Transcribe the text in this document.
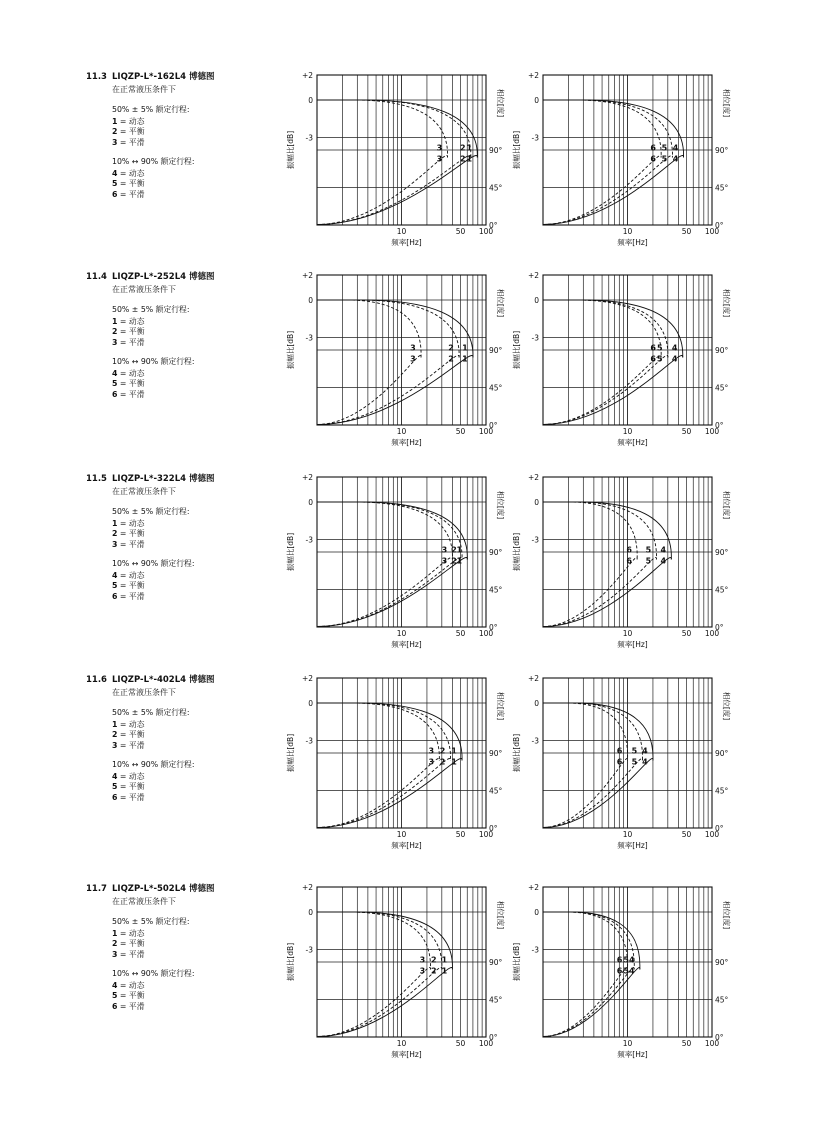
11.3 LIQZP-L*-162L4 博德图
在正常液压条件下
50% ± 5% 额定行程:
1 = 动态
2 = 平衡
3 = 平滑
10% ↔ 90% 额定行程:
4 = 动态
5 = 平衡
6 = 平滑
+2
0
-3
90°
45°
0°
10	50 100
频率[Hz]
振幅比[dB]
相位[度]
1
1
2
2
3
3
+2
0
-3
90°
45°
0°
10	50 100
频率[Hz]
振幅比[dB]
相位[度]
4
4
5
5
6
6
11.4 LIQZP-L*-252L4 博德图
在正常液压条件下
50% ± 5% 额定行程:
1 = 动态
2 = 平衡
3 = 平滑
10% ↔ 90% 额定行程:
4 = 动态
5 = 平衡
6 = 平滑
+2
0
-3
90°
45°
0°
10	50 100
频率[Hz]
振幅比[dB]
相位[度]
1
1
2
2
3
3
+2
0
-3
90°
45°
0°
10	50 100
频率[Hz]
振幅比[dB]
相位[度]
4
4
5
5
6
6
11.5 LIQZP-L*-322L4 博德图
在正常液压条件下
50% ± 5% 额定行程:
1 = 动态
2 = 平衡
3 = 平滑
10% ↔ 90% 额定行程:
4 = 动态
5 = 平衡
6 = 平滑
+2
0
-3
90°
45°
0°
10	50 100
频率[Hz]
振幅比[dB]
相位[度]
1
1
2
2
3
3
+2
0
-3
90°
45°
0°
10	50 100
频率[Hz]
振幅比[dB]
相位[度]
4
4
5
5
6
6
11.6 LIQZP-L*-402L4 博德图
在正常液压条件下
50% ± 5% 额定行程:
1 = 动态
2 = 平衡
3 = 平滑
10% ↔ 90% 额定行程:
4 = 动态
5 = 平衡
6 = 平滑
+2
0
-3
90°
45°
0°
10	50 100
频率[Hz]
振幅比[dB]
相位[度]
1
1
2
2
3
3
+2
0
-3
90°
45°
0°
10	50 100
频率[Hz]
振幅比[dB]
相位[度]
4
4
5
5
6
6
11.7 LIQZP-L*-502L4 博德图
在正常液压条件下
50% ± 5% 额定行程:
1 = 动态
2 = 平衡
3 = 平滑
10% ↔ 90% 额定行程:
4 = 动态
5 = 平衡
6 = 平滑
+2
0
-3
90°
45°
0°
10	50 100
频率[Hz]
振幅比[dB]
相位[度]
1
1
2
2
3
3
+2
0
-3
90°
45°
0°
10	50 100
频率[Hz]
振幅比[dB]
相位[度]
4
4
5
5
6
6
